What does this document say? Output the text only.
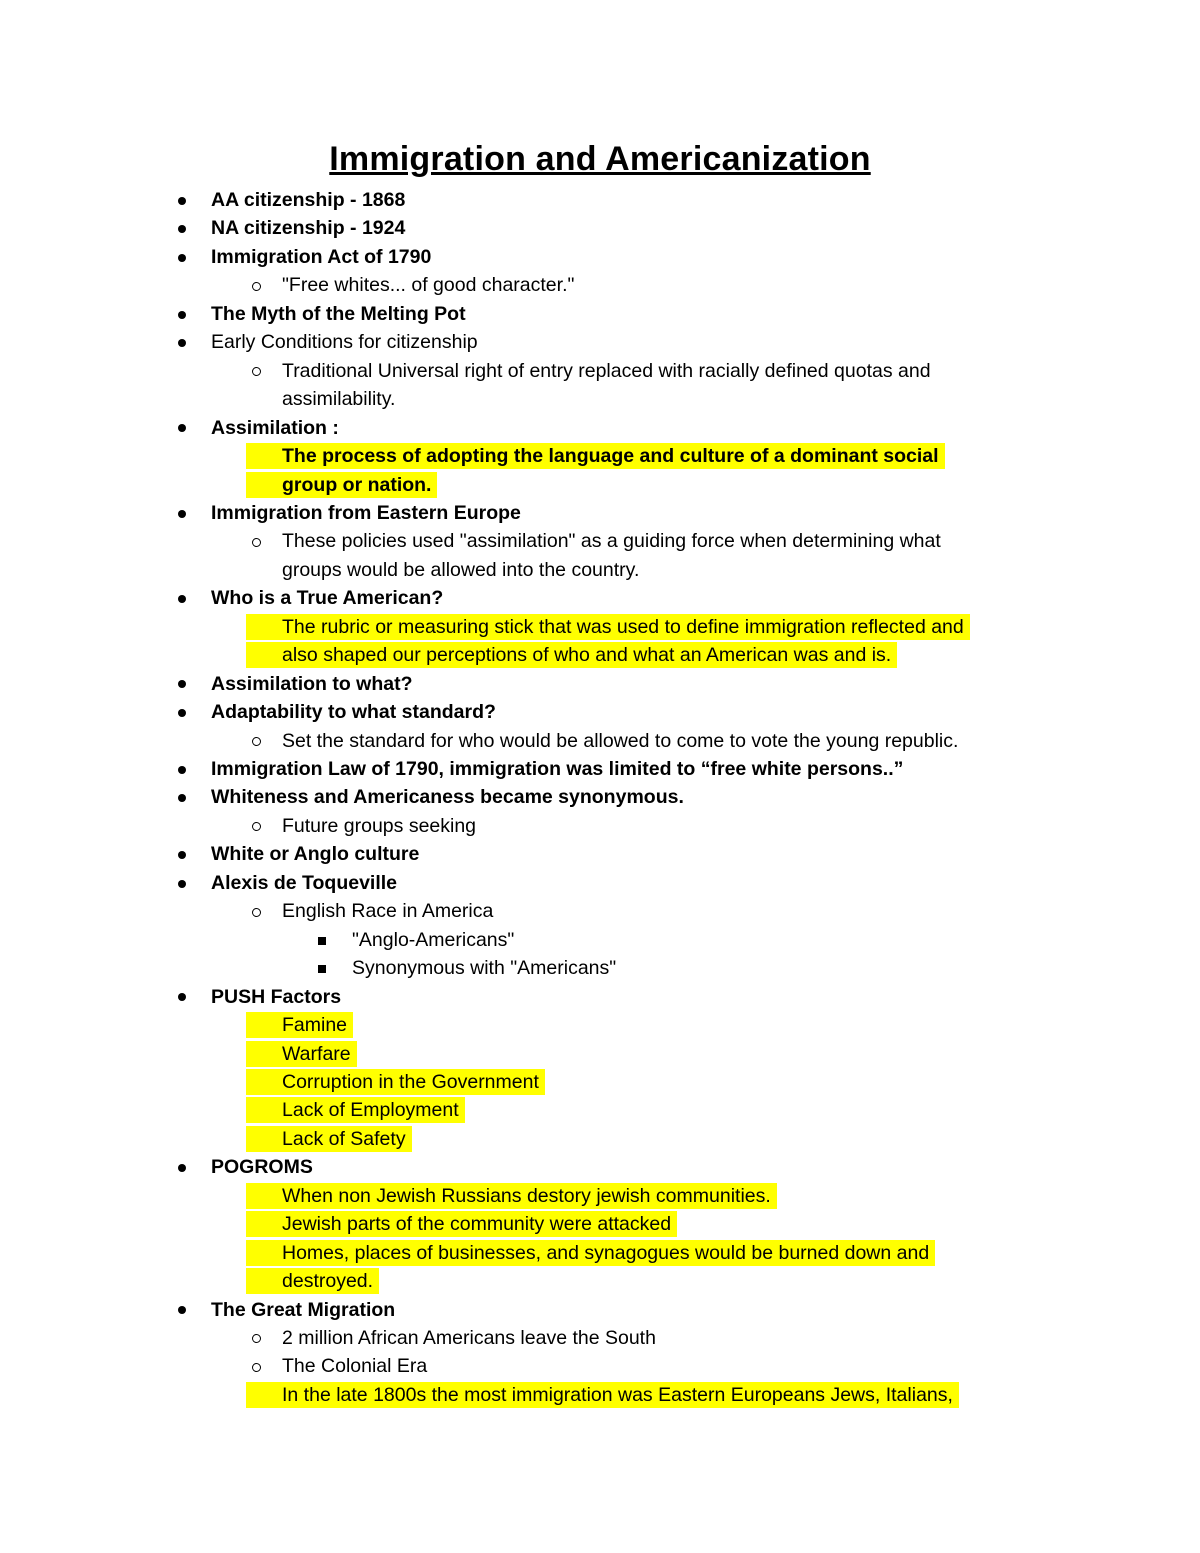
Immigration and Americanization
AA citizenship - 1868
NA citizenship - 1924
Immigration Act of 1790
"Free whites... of good character."
The Myth of the Melting Pot
Early Conditions for citizenship
Traditional Universal right of entry replaced with racially defined quotas and
assimilability.
Assimilation :
The process of adopting the language and culture of a dominant social
group or nation.
Immigration from Eastern Europe
These policies used "assimilation" as a guiding force when determining what
groups would be allowed into the country.
Who is a True American?
The rubric or measuring stick that was used to define immigration reflected and
also shaped our perceptions of who and what an American was and is.
Assimilation to what?
Adaptability to what standard?
Set the standard for who would be allowed to come to vote the young republic.
Immigration Law of 1790, immigration was limited to “free white persons..”
Whiteness and Americaness became synonymous.
Future groups seeking
White or Anglo culture
Alexis de Toqueville
English Race in America
"Anglo-Americans"
Synonymous with "Americans"
PUSH Factors
Famine
Warfare
Corruption in the Government
Lack of Employment
Lack of Safety
POGROMS
When non Jewish Russians destory jewish communities.
Jewish parts of the community were attacked
Homes, places of businesses, and synagogues would be burned down and
destroyed.
The Great Migration
2 million African Americans leave the South
The Colonial Era
In the late 1800s the most immigration was Eastern Europeans Jews, Italians,
